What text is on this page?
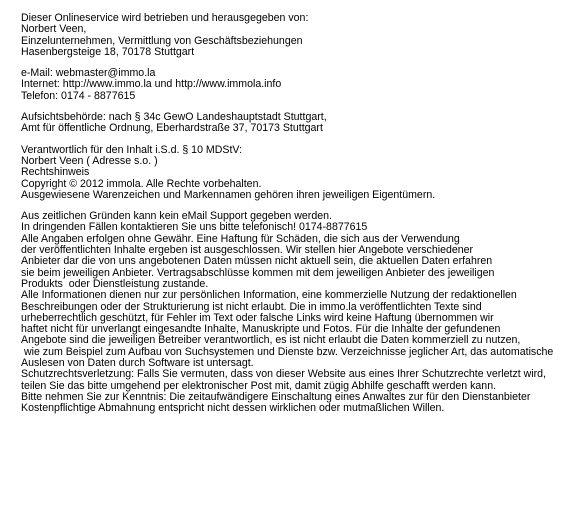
Dieser Onlineservice wird betrieben und herausgegeben von:
Norbert Veen,
Einzelunternehmen, Vermittlung von Geschäftsbeziehungen
Hasenbergsteige 18, 70178 Stuttgart
e-Mail: webmaster@immo.la
Internet: http://www.immo.la und http://www.immola.info
Telefon: 0174 - 8877615
Aufsichtsbehörde: nach § 34c GewO Landeshauptstadt Stuttgart,
Amt für öffentliche Ordnung, Eberhardstraße 37, 70173 Stuttgart
Verantwortlich für den Inhalt i.S.d. § 10 MDStV:
Norbert Veen ( Adresse s.o. )
Rechtshinweis
Copyright © 2012 immola. Alle Rechte vorbehalten.
Ausgewiesene Warenzeichen und Markennamen gehören ihren jeweiligen Eigentümern.
Aus zeitlichen Gründen kann kein eMail Support gegeben werden.
In dringenden Fällen kontaktieren Sie uns bitte telefonisch! 0174-8877615
Alle Angaben erfolgen ohne Gewähr. Eine Haftung für Schäden, die sich aus der Verwendung
der veröffentlichten Inhalte ergeben ist ausgeschlossen. Wir stellen hier Angebote verschiedener
Anbieter dar die von uns angebotenen Daten müssen nicht aktuell sein, die aktuellen Daten erfahren
sie beim jeweiligen Anbieter. Vertragsabschlüsse kommen mit dem jeweiligen Anbieter des jeweiligen
Produkts  oder Dienstleistung zustande.
Alle Informationen dienen nur zur persönlichen Information, eine kommerzielle Nutzung der redaktionellen
Beschreibungen oder der Strukturierung ist nicht erlaubt. Die in immo.la veröffentlichten Texte sind
urheberrechtlich geschützt, für Fehler im Text oder falsche Links wird keine Haftung übernommen wir
haftet nicht für unverlangt eingesandte Inhalte, Manuskripte und Fotos. Für die Inhalte der gefundenen
Angebote sind die jeweiligen Betreiber verantwortlich, es ist nicht erlaubt die Daten kommerziell zu nutzen,
wie zum Beispiel zum Aufbau von Suchsystemen und Dienste bzw. Verzeichnisse jeglicher Art, das automatische
Auslesen von Daten durch Software ist untersagt.
Schutzrechtsverletzung: Falls Sie vermuten, dass von dieser Website aus eines Ihrer Schutzrechte verletzt wird,
teilen Sie das bitte umgehend per elektronischer Post mit, damit zügig Abhilfe geschafft werden kann.
Bitte nehmen Sie zur Kenntnis: Die zeitaufwändigere Einschaltung eines Anwaltes zur für den Dienstanbieter
Kostenpflichtige Abmahnung entspricht nicht dessen wirklichen oder mutmaßlichen Willen.
